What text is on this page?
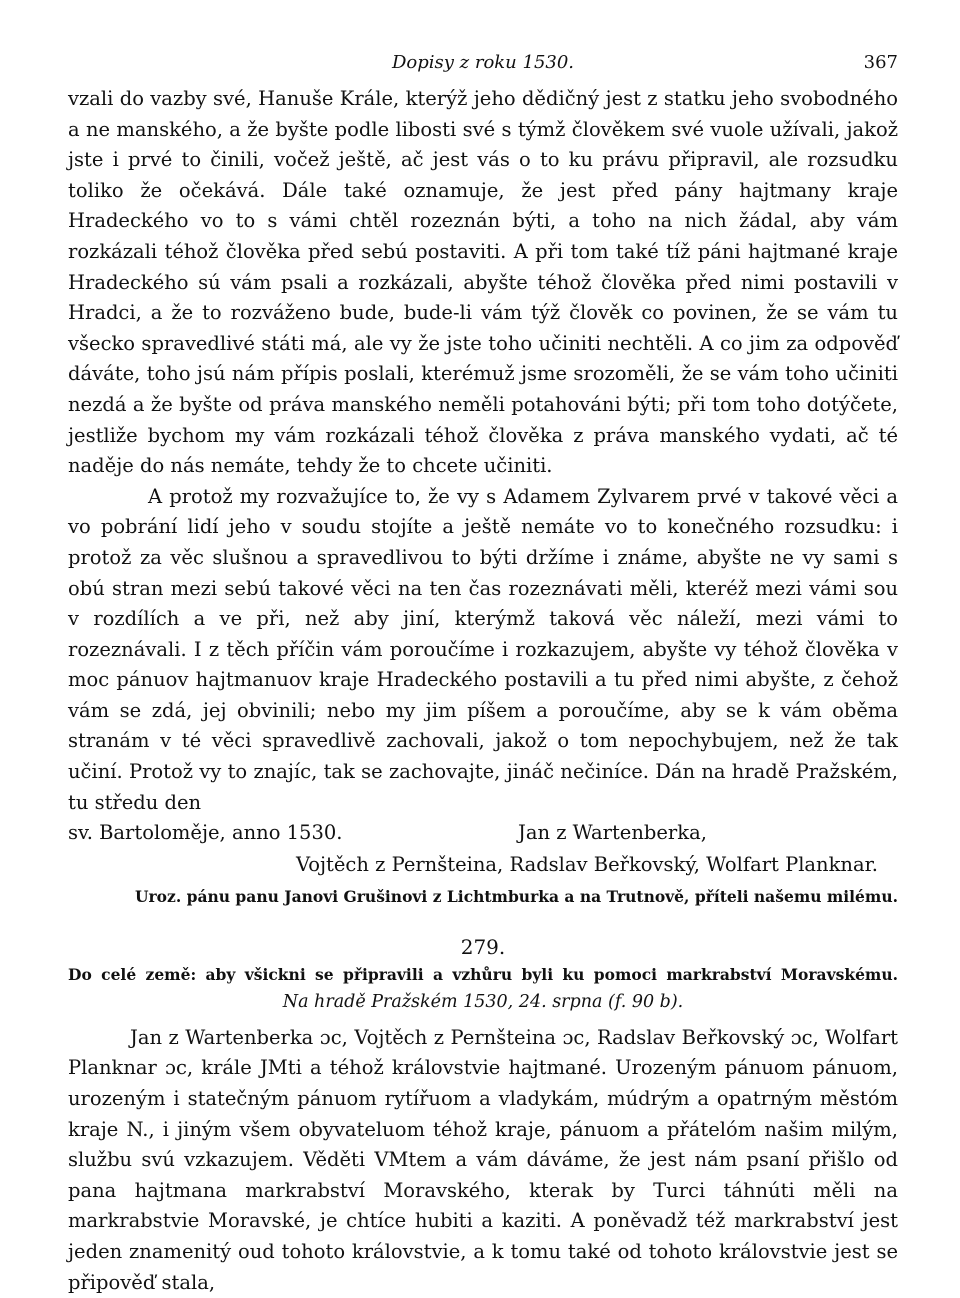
Dopisy z roku 1530.	367

vzali do vazby své, Hanuše Krále, kterýž jeho dědičný jest z statku jeho svobodného a ne manského, a že byšte podle libosti své s týmž člověkem své vuole užívali, jakož jste i prvé to činili, vočež ještě, ač jest vás o to ku právu připravil, ale rozsudku toliko že očekává. Dále také oznamuje, že jest před pány hajtmany kraje Hradeckého vo to s vámi chtěl rozeznán býti, a toho na nich žádal, aby vám rozkázali téhož člověka před sebú postaviti. A při tom také tíž páni hajtmané kraje Hradeckého sú vám psali a rozkázali, abyšte téhož člověka před nimi postavili v Hradci, a že to rozváženo bude, bude-li vám týž člověk co povinen, že se vám tu všecko spravedlivé státi má, ale vy že jste toho učiniti nechtěli. A co jim za odpověď dáváte, toho jsú nám přípis poslali, kterémuž jsme srozoměli, že se vám toho učiniti nezdá a že byšte od práva manského neměli potahováni býti; při tom toho dotýčete, jestliže bychom my vám rozkázali téhož člověka z práva manského vydati, ač té naděje do nás nemáte, tehdy že to chcete učiniti.

A protož my rozvažujíce to, že vy s Adamem Zylvarem prvé v takové věci a vo pobrání lidí jeho v soudu stojíte a ještě nemáte vo to konečného rozsudku: i protož za věc slušnou a spravedlivou to býti držíme i známe, abyšte ne vy sami s obú stran mezi sebú takové věci na ten čas rozeznávati měli, kteréž mezi vámi sou v rozdílích a ve při, než aby jiní, kterýmž taková věc náleží, mezi vámi to rozeznávali. I z těch příčin vám poroučíme i rozkazujem, abyšte vy téhož člověka v moc pánuov hajtmanuov kraje Hradeckého postavili a tu před nimi abyšte, z čehož vám se zdá, jej obvinili; nebo my jim píšem a poroučíme, aby se k vám oběma stranám v té věci spravedlivě zachovali, jakož o tom nepochybujem, než že tak učiní. Protož vy to znajíc, tak se zachovajte, jináč nečiníce. Dán na hradě Pražském, tu středu den

sv. Bartoloměje, anno 1530.	Jan z Wartenberka,
Vojtěch z Pernšteina, Radslav Beřkovský, Wolfart Planknar.
Uroz. pánu panu Janovi Grušinovi z Lichtmburka a na Trutnově, příteli našemu milému.
279.
Do celé země: aby všickni se připravili a vzhůru byli ku pomoci markrabství Moravskému.
Na hradě Pražském 1530, 24. srpna (f. 90 b).

Jan z Wartenberka ɔc, Vojtěch z Pernšteina ɔc, Radslav Beřkovský ɔc, Wolfart Planknar ɔc, krále JMti a téhož královstvie hajtmané. Urozeným pánuom pánuom, urozeným i statečným pánuom rytířuom a vladykám, múdrým a opatrným městóm kraje N., i jiným všem obyvateluom téhož kraje, pánuom a přátelóm našim milým, službu svú vzkazujem. Věděti VMtem a vám dáváme, že jest nám psaní přišlo od pana hajtmana markrabství Moravského, kterak by Turci táhnúti měli na markrabstvie Moravské, je chtíce hubiti a kaziti. A poněvadž též markrabství jest jeden znamenitý oud tohoto královstvie, a k tomu také od tohoto královstvie jest se připověď stala,
